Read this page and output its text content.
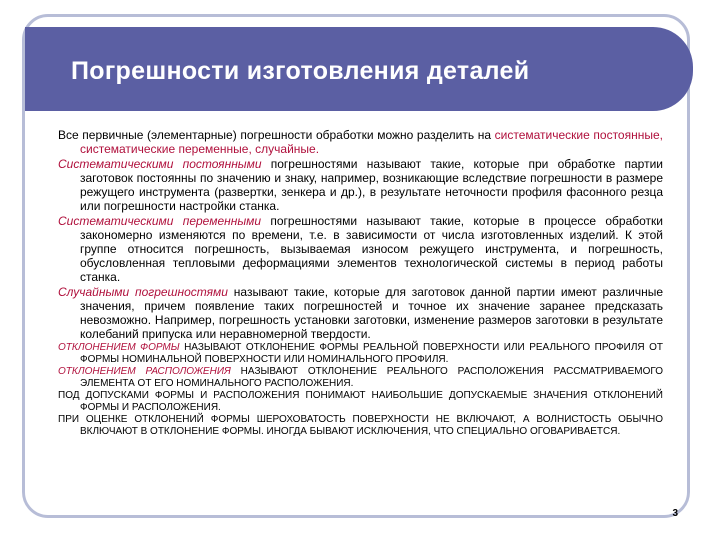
Погрешности изготовления деталей

Все первичные (элементарные) погрешности обработки можно разделить на систематические постоянные, систематические переменные, случайные.

Систематическими постоянными погрешностями называют такие, которые при обработке партии заготовок постоянны по значению и знаку, например, возникающие вследствие погрешности в размере режущего инструмента (развертки, зенкера и др.), в результате неточности профиля фасонного резца или погрешности настройки станка.

Систематическими переменными погрешностями называют такие, которые в процессе обработки закономерно изменяются по времени, т.е. в зависимости от числа изготовленных изделий. К этой группе относится погрешность, вызываемая износом режущего инструмента, и погрешность, обусловленная тепловыми деформациями элементов технологической системы в период работы станка.

Случайными погрешностями называют такие, которые для заготовок данной партии имеют различные значения, причем появление таких погрешностей и точное их значение заранее предсказать невозможно. Например, погрешность установки заготовки, изменение размеров заготовки в результате колебаний припуска или неравномерной твердости.

ОТКЛОНЕНИЕМ ФОРМЫ НАЗЫВАЮТ ОТКЛОНЕНИЕ ФОРМЫ РЕАЛЬНОЙ ПОВЕРХНОСТИ ИЛИ РЕАЛЬНОГО ПРОФИЛЯ ОТ ФОРМЫ НОМИНАЛЬНОЙ ПОВЕРХНОСТИ ИЛИ НОМИНАЛЬНОГО ПРОФИЛЯ.

ОТКЛОНЕНИЕМ РАСПОЛОЖЕНИЯ НАЗЫВАЮТ ОТКЛОНЕНИЕ РЕАЛЬНОГО РАСПОЛОЖЕНИЯ РАССМАТРИВАЕМОГО ЭЛЕМЕНТА ОТ ЕГО НОМИНАЛЬНОГО РАСПОЛОЖЕНИЯ.

ПОД ДОПУСКАМИ ФОРМЫ И РАСПОЛОЖЕНИЯ ПОНИМАЮТ НАИБОЛЬШИЕ ДОПУСКАЕМЫЕ ЗНАЧЕНИЯ ОТКЛОНЕНИЙ ФОРМЫ И РАСПОЛОЖЕНИЯ.

ПРИ ОЦЕНКЕ ОТКЛОНЕНИЙ ФОРМЫ ШЕРОХОВАТОСТЬ ПОВЕРХНОСТИ НЕ ВКЛЮЧАЮТ, А ВОЛНИСТОСТЬ ОБЫЧНО ВКЛЮЧАЮТ В ОТКЛОНЕНИЕ ФОРМЫ. ИНОГДА БЫВАЮТ ИСКЛЮЧЕНИЯ, ЧТО СПЕЦИАЛЬНО ОГОВАРИВАЕТСЯ.

3
